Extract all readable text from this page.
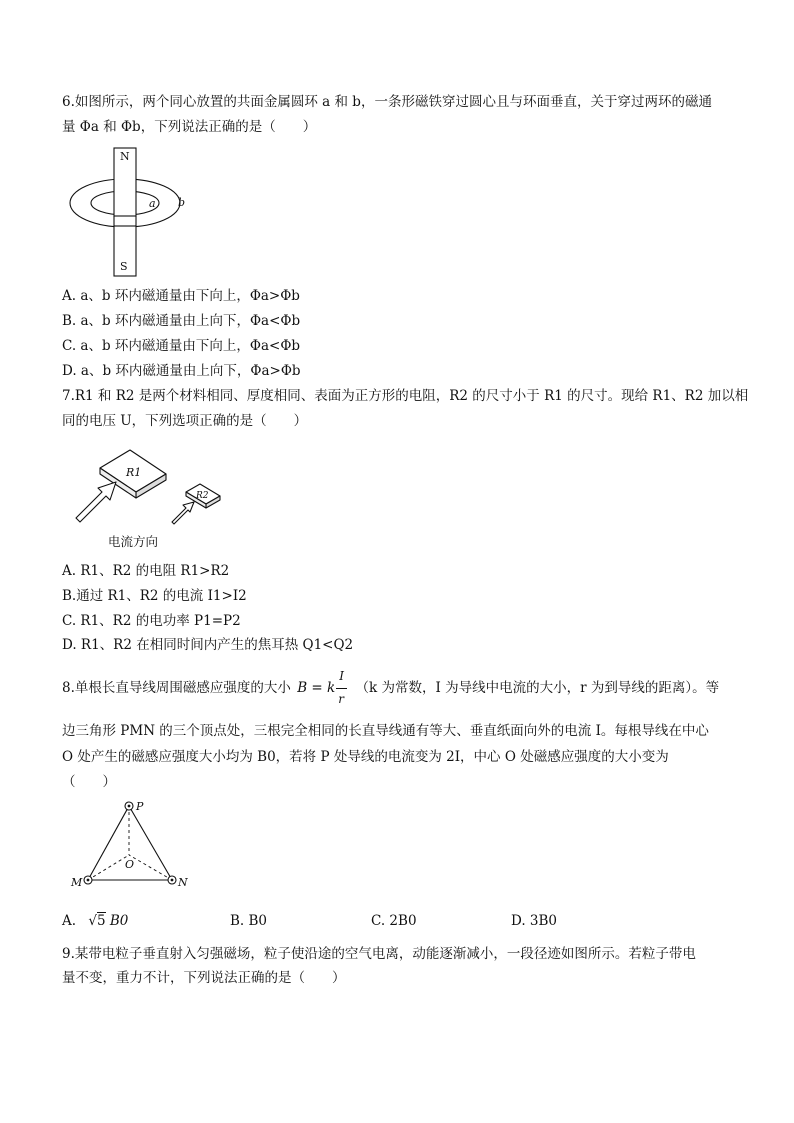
6.如图所示，两个同心放置的共面金属圆环 a 和 b，一条形磁铁穿过圆心且与环面垂直，关于穿过两环的磁通
量 Φa 和 Φb，下列说法正确的是（　　）
N
S
a b
A. a、b 环内磁通量由下向上，Φa>Φb
B. a、b 环内磁通量由上向下，Φa<Φb
C. a、b 环内磁通量由下向上，Φa<Φb
D. a、b 环内磁通量由上向下，Φa>Φb
7.R1 和 R2 是两个材料相同、厚度相同、表面为正方形的电阻，R2 的尺寸小于 R1 的尺寸。现给 R1、R2 加以相
同的电压 U，下列选项正确的是（　　）
R1
R2
电流方向
A. R1、R2 的电阻 R1>R2
B.通过 R1、R2 的电流 I1>I2
C. R1、R2 的电功率 P1=P2
D. R1、R2 在相同时间内产生的焦耳热 Q1<Q2
8.单根长直导线周围磁感应强度的大小 B = k
I
r
（k 为常数，I 为导线中电流的大小，r 为到导线的距离）。等
边三角形 PMN 的三个顶点处，三根完全相同的长直导线通有等大、垂直纸面向外的电流 I。每根导线在中心
O 处产生的磁感应强度大小均为 B0，若将 P 处导线的电流变为 2I，中心 O 处磁感应强度的大小变为
（　　）
P
M	N
O
A. √5 B0	B. B0	C. 2B0	D. 3B0
9.某带电粒子垂直射入匀强磁场，粒子使沿途的空气电离，动能逐渐减小，一段径迹如图所示。若粒子带电
量不变，重力不计，下列说法正确的是（　　）
